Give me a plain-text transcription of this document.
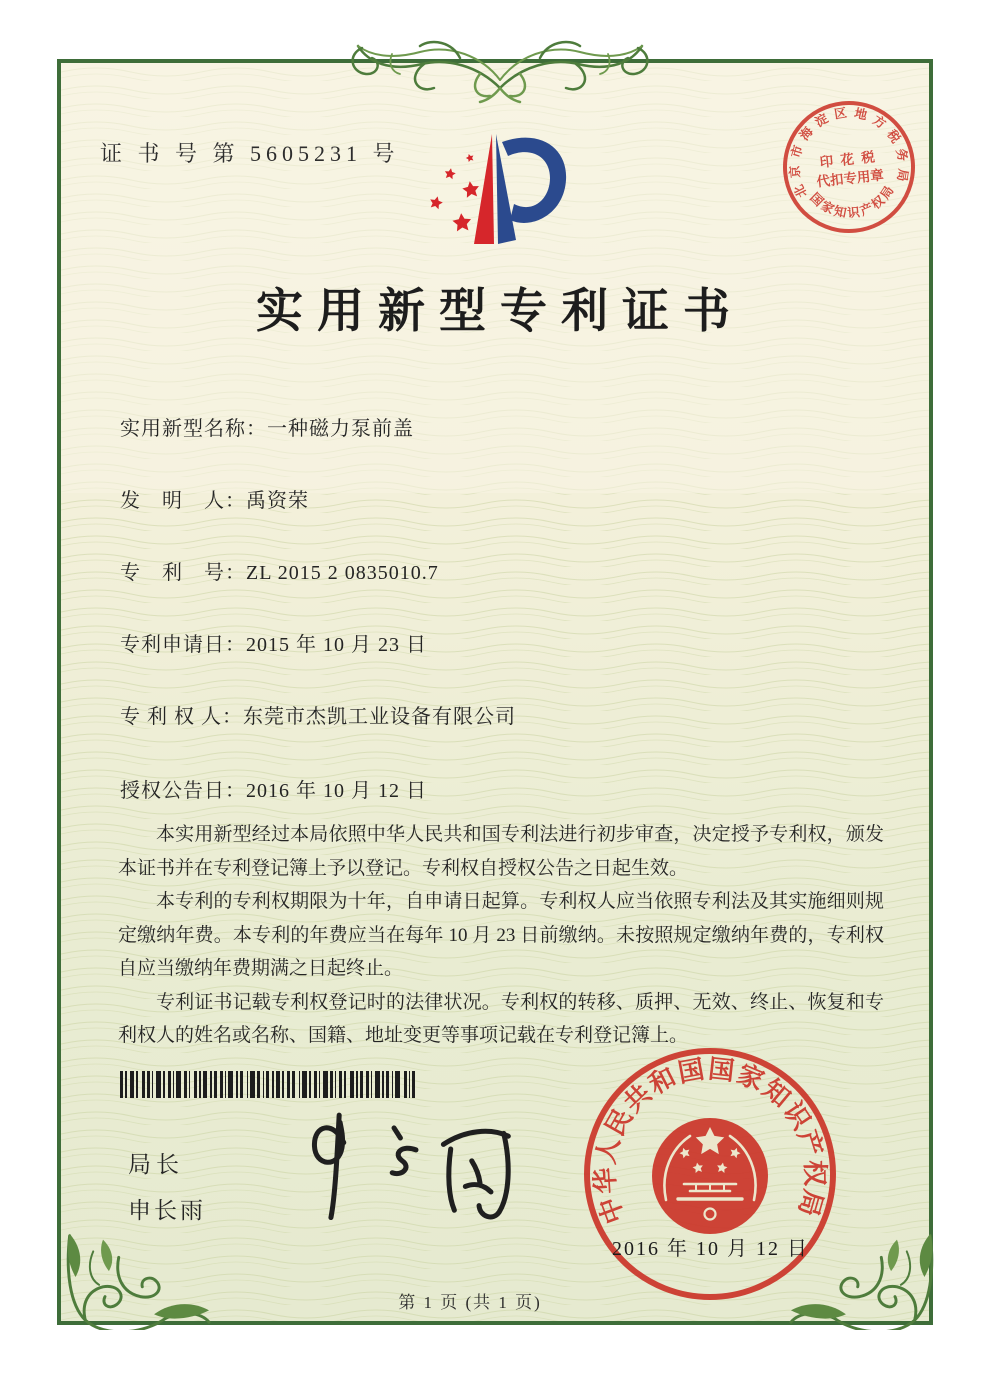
证 书 号 第 5605231 号
北京市海淀区地方税务局
国家知识产权局
印 花 税
代扣专用章
实用新型专利证书
实用新型名称：一种磁力泵前盖
发　明　人：禹资荣
专　利　号：ZL 2015 2 0835010.7
专利申请日：2015 年 10 月 23 日
专 利 权 人：东莞市杰凯工业设备有限公司
授权公告日：2016 年 10 月 12 日

本实用新型经过本局依照中华人民共和国专利法进行初步审查，决定授予专利权，颁发本证书并在专利登记簿上予以登记。专利权自授权公告之日起生效。

本专利的专利权期限为十年，自申请日起算。专利权人应当依照专利法及其实施细则规定缴纳年费。本专利的年费应当在每年 10 月 23 日前缴纳。未按照规定缴纳年费的，专利权自应当缴纳年费期满之日起终止。

专利证书记载专利权登记时的法律状况。专利权的转移、质押、无效、终止、恢复和专利权人的姓名或名称、国籍、地址变更等事项记载在专利登记簿上。

局长
申长雨	中华人民共和国国家知识产权局
2016 年 10 月 12 日
第 1 页 (共 1 页)
